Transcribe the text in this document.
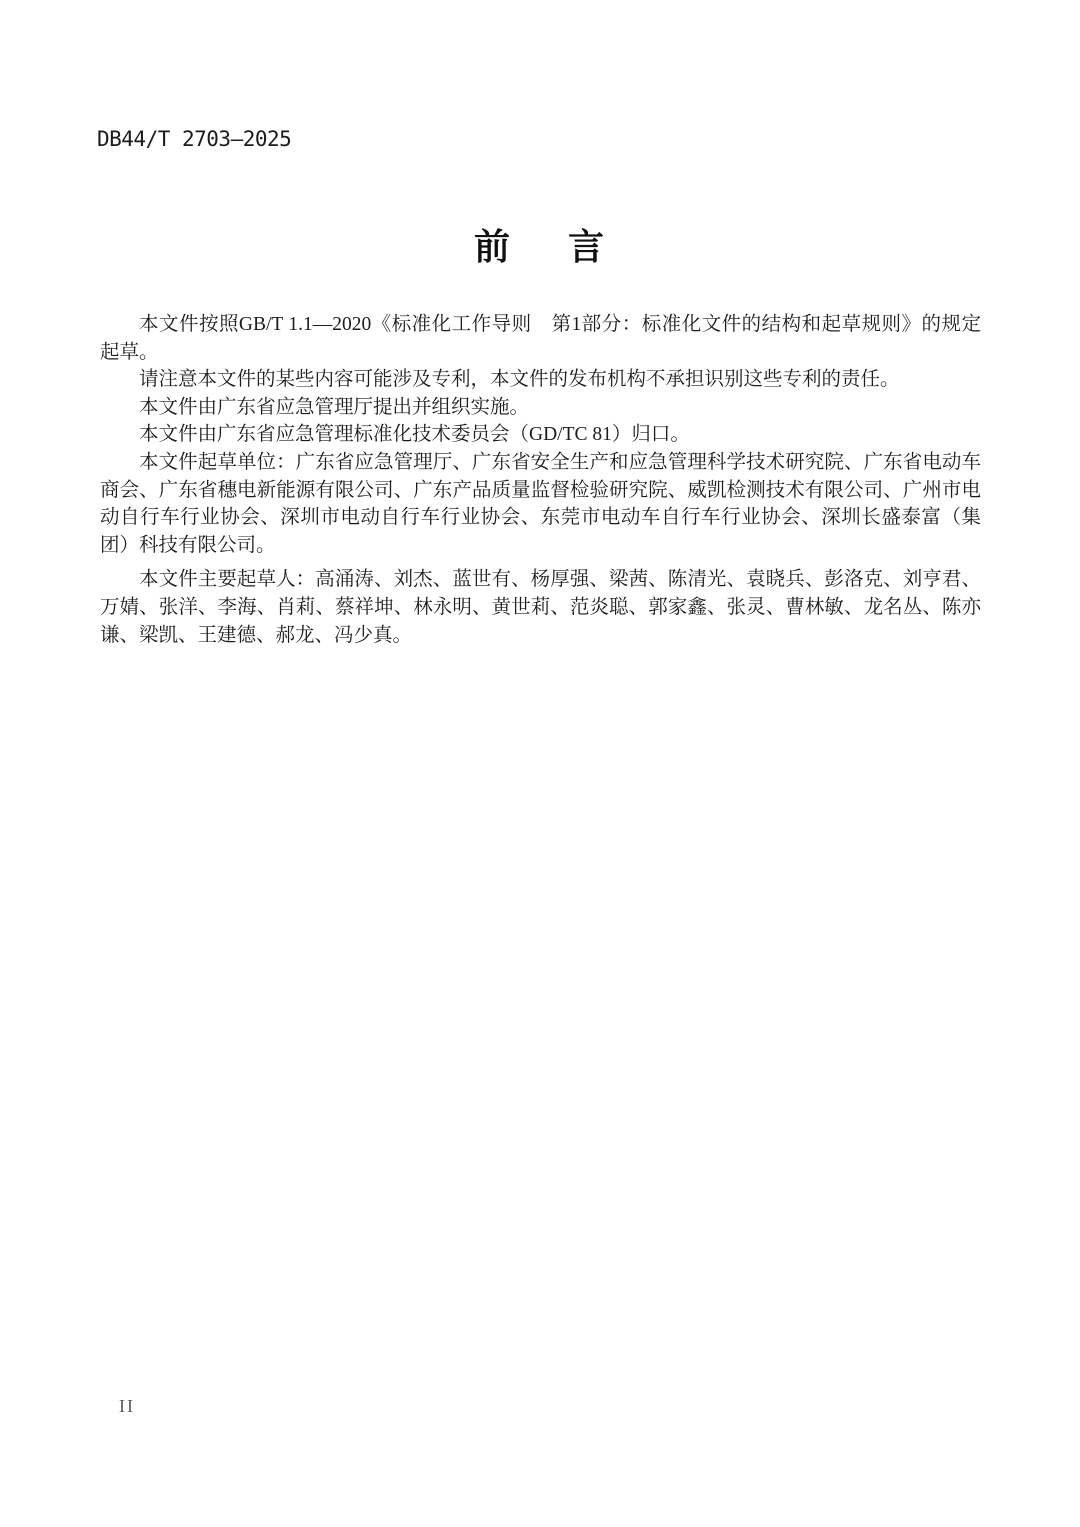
DB44/T 2703—2025
前 言

本文件按照GB/T 1.1—2020《标准化工作导则　第1部分：标准化文件的结构和起草规则》的规定起草。

请注意本文件的某些内容可能涉及专利，本文件的发布机构不承担识别这些专利的责任。

本文件由广东省应急管理厅提出并组织实施。

本文件由广东省应急管理标准化技术委员会（GD/TC 81）归口。

本文件起草单位：广东省应急管理厅、广东省安全生产和应急管理科学技术研究院、广东省电动车商会、广东省穗电新能源有限公司、广东产品质量监督检验研究院、威凯检测技术有限公司、广州市电动自行车行业协会、深圳市电动自行车行业协会、东莞市电动车自行车行业协会、深圳长盛泰富（集团）科技有限公司。

本文件主要起草人：高涌涛、刘杰、蓝世有、杨厚强、梁茜、陈清光、袁晓兵、彭洛克、刘亨君、万婧、张洋、李海、肖莉、蔡祥坤、林永明、黄世莉、范炎聪、郭家鑫、张灵、曹林敏、龙名丛、陈亦谦、梁凯、王建德、郝龙、冯少真。

II
